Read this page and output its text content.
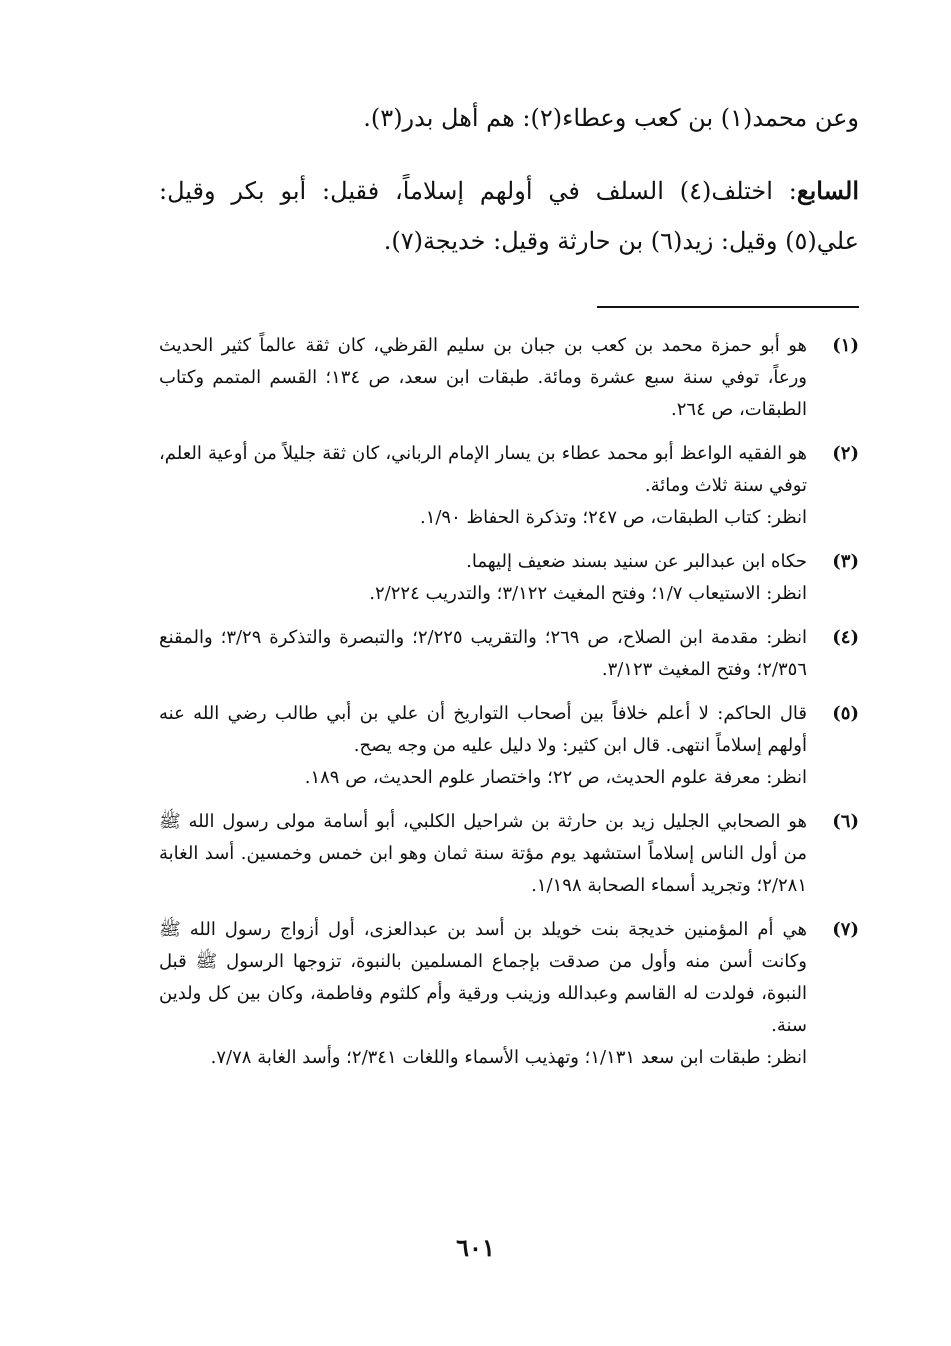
وعن محمد(١) بن كعب وعطاء(٢): هم أهل بدر(٣).
السابع: اختلف(٤) السلف في أولهم إسلاماً، فقيل: أبو بكر وقيل: علي(٥) وقيل: زيد(٦) بن حارثة وقيل: خديجة(٧).
(١)
هو أبو حمزة محمد بن كعب بن جبان بن سليم القرظي، كان ثقة عالماً كثير الحديث ورعاً، توفي سنة سبع عشرة ومائة. طبقات ابن سعد، ص ١٣٤؛ القسم المتمم وكتاب الطبقات، ص ٢٦٤.
(٢)
هو الفقيه الواعظ أبو محمد عطاء بن يسار الإمام الرباني، كان ثقة جليلاً من أوعية العلم، توفي سنة ثلاث ومائة.
انظر: كتاب الطبقات، ص ٢٤٧؛ وتذكرة الحفاظ ١/٩٠.
(٣)
حكاه ابن عبدالبر عن سنيد بسند ضعيف إليهما.
انظر: الاستيعاب ١/٧؛ وفتح المغيث ٣/١٢٢؛ والتدريب ٢/٢٢٤.
(٤)
انظر: مقدمة ابن الصلاح، ص ٢٦٩؛ والتقريب ٢/٢٢٥؛ والتبصرة والتذكرة ٣/٢٩؛ والمقنع ٢/٣٥٦؛ وفتح المغيث ٣/١٢٣.
(٥)
قال الحاكم: لا أعلم خلافاً بين أصحاب التواريخ أن علي بن أبي طالب رضي الله عنه أولهم إسلاماً انتهى. قال ابن كثير: ولا دليل عليه من وجه يصح.
انظر: معرفة علوم الحديث، ص ٢٢؛ واختصار علوم الحديث، ص ١٨٩.
(٦)
هو الصحابي الجليل زيد بن حارثة بن شراحيل الكلبي، أبو أسامة مولى رسول الله ﷺ من أول الناس إسلاماً استشهد يوم مؤتة سنة ثمان وهو ابن خمس وخمسين. أسد الغابة ٢/٢٨١؛ وتجريد أسماء الصحابة ١/١٩٨.
(٧)
هي أم المؤمنين خديجة بنت خويلد بن أسد بن عبدالعزى، أول أزواج رسول الله ﷺ وكانت أسن منه وأول من صدقت بإجماع المسلمين بالنبوة، تزوجها الرسول ﷺ قبل النبوة، فولدت له القاسم وعبدالله وزينب ورقية وأم كلثوم وفاطمة، وكان بين كل ولدين سنة.
انظر: طبقات ابن سعد ١/١٣١؛ وتهذيب الأسماء واللغات ٢/٣٤١؛ وأسد الغابة ٧/٧٨.
٦٠١
